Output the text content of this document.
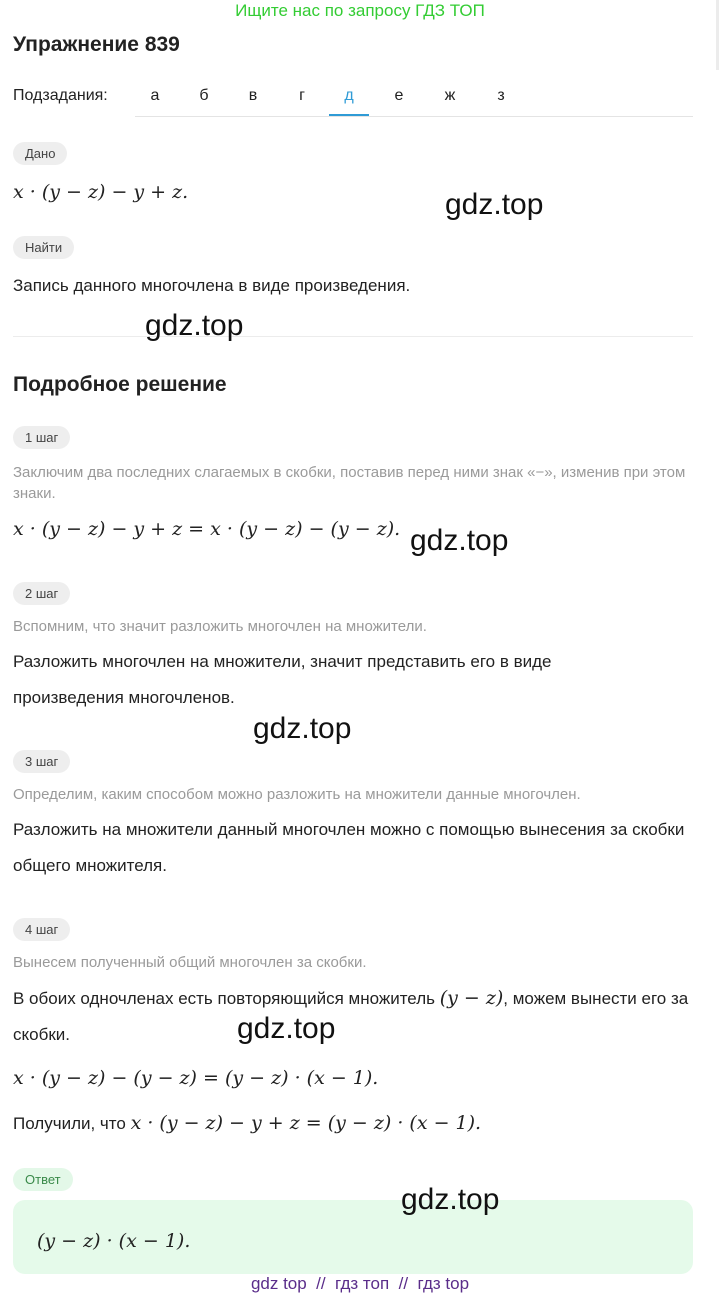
Ищите нас по запросу ГДЗ ТОП
Упражнение 839
Подзадания:	а	б	в	г	д	е	ж	з
Дано
x · (y − z) − y + z.
Найти
Запись данного многочлена в виде произведения.
Подробное решение
1 шаг
Заключим два последних слагаемых в скобки, поставив перед ними знак «−», изменив при этом знаки.
x · (y − z) − y + z = x · (y − z) − (y − z).
2 шаг
Вспомним, что значит разложить многочлен на множители.
Разложить многочлен на множители, значит представить его в виде произведения многочленов.
3 шаг
Определим, каким способом можно разложить на множители данные многочлен.
Разложить на множители данный многочлен можно с помощью вынесения за скобки общего множителя.
4 шаг
Вынесем полученный общий многочлен за скобки.
В обоих одночленах есть повторяющийся множитель (y − z), можем вынести его за скобки.
x · (y − z) − (y − z) = (y − z) · (x − 1).
Получили, что x · (y − z) − y + z = (y − z) · (x − 1).
Ответ
(y − z) · (x − 1).
gdz.top
gdz.top
gdz.top
gdz.top
gdz.top
gdz.top
gdz top  //  гдз топ  //  гдз top
